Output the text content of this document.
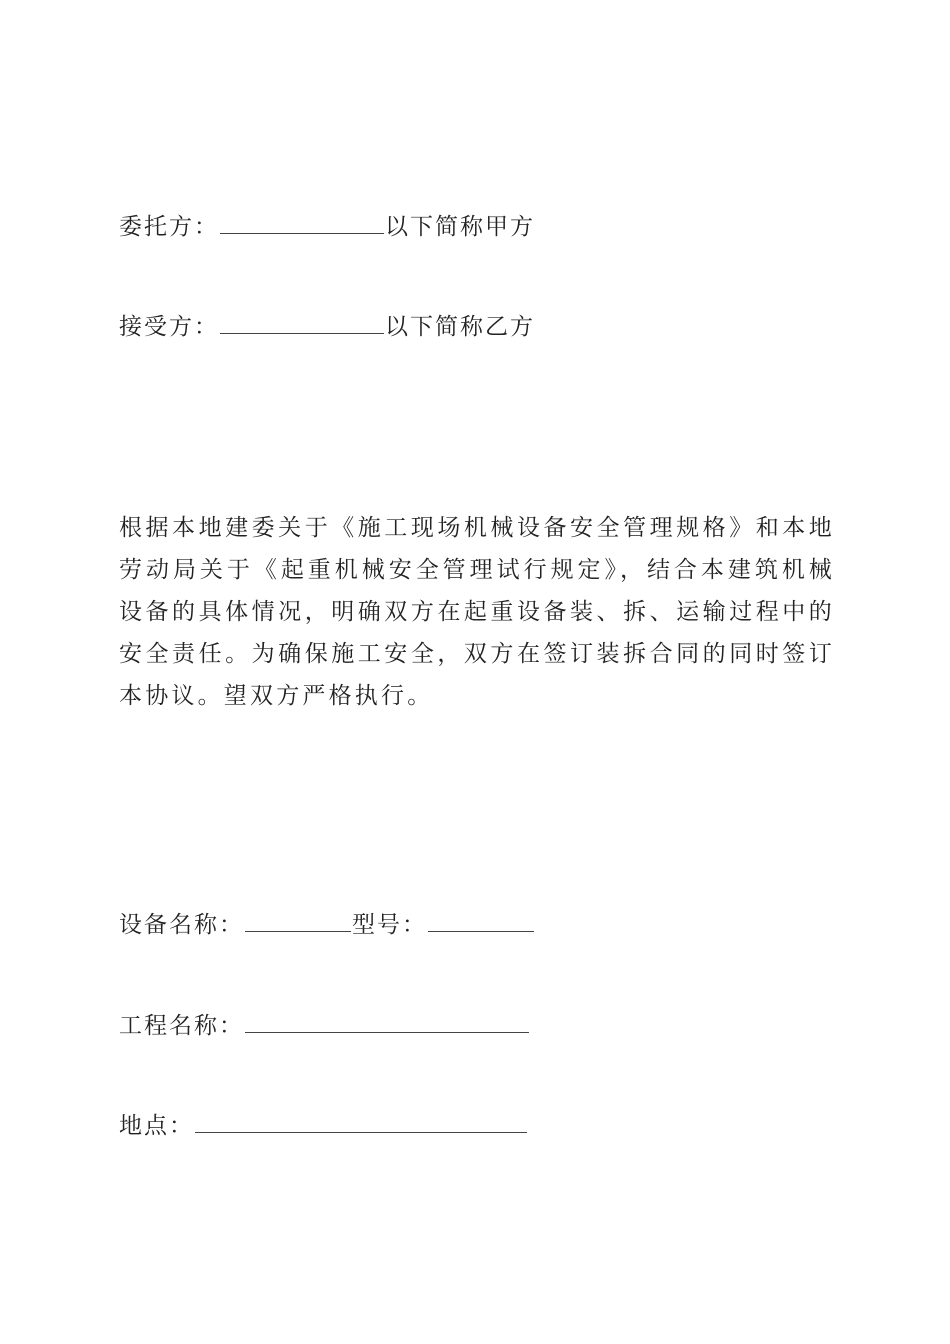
委托方：	以下简称甲方
接受方：	以下简称乙方
根据本地建委关于《施工现场机械设备安全管理规格》和本地劳动局关于《起重机械安全管理试行规定》，结合本建筑机械设备的具体情况，明确双方在起重设备装、拆、运输过程中的安全责任。为确保施工安全，双方在签订装拆合同的同时签订本协议。望双方严格执行。
设备名称：	型号：
工程名称：
地点：
